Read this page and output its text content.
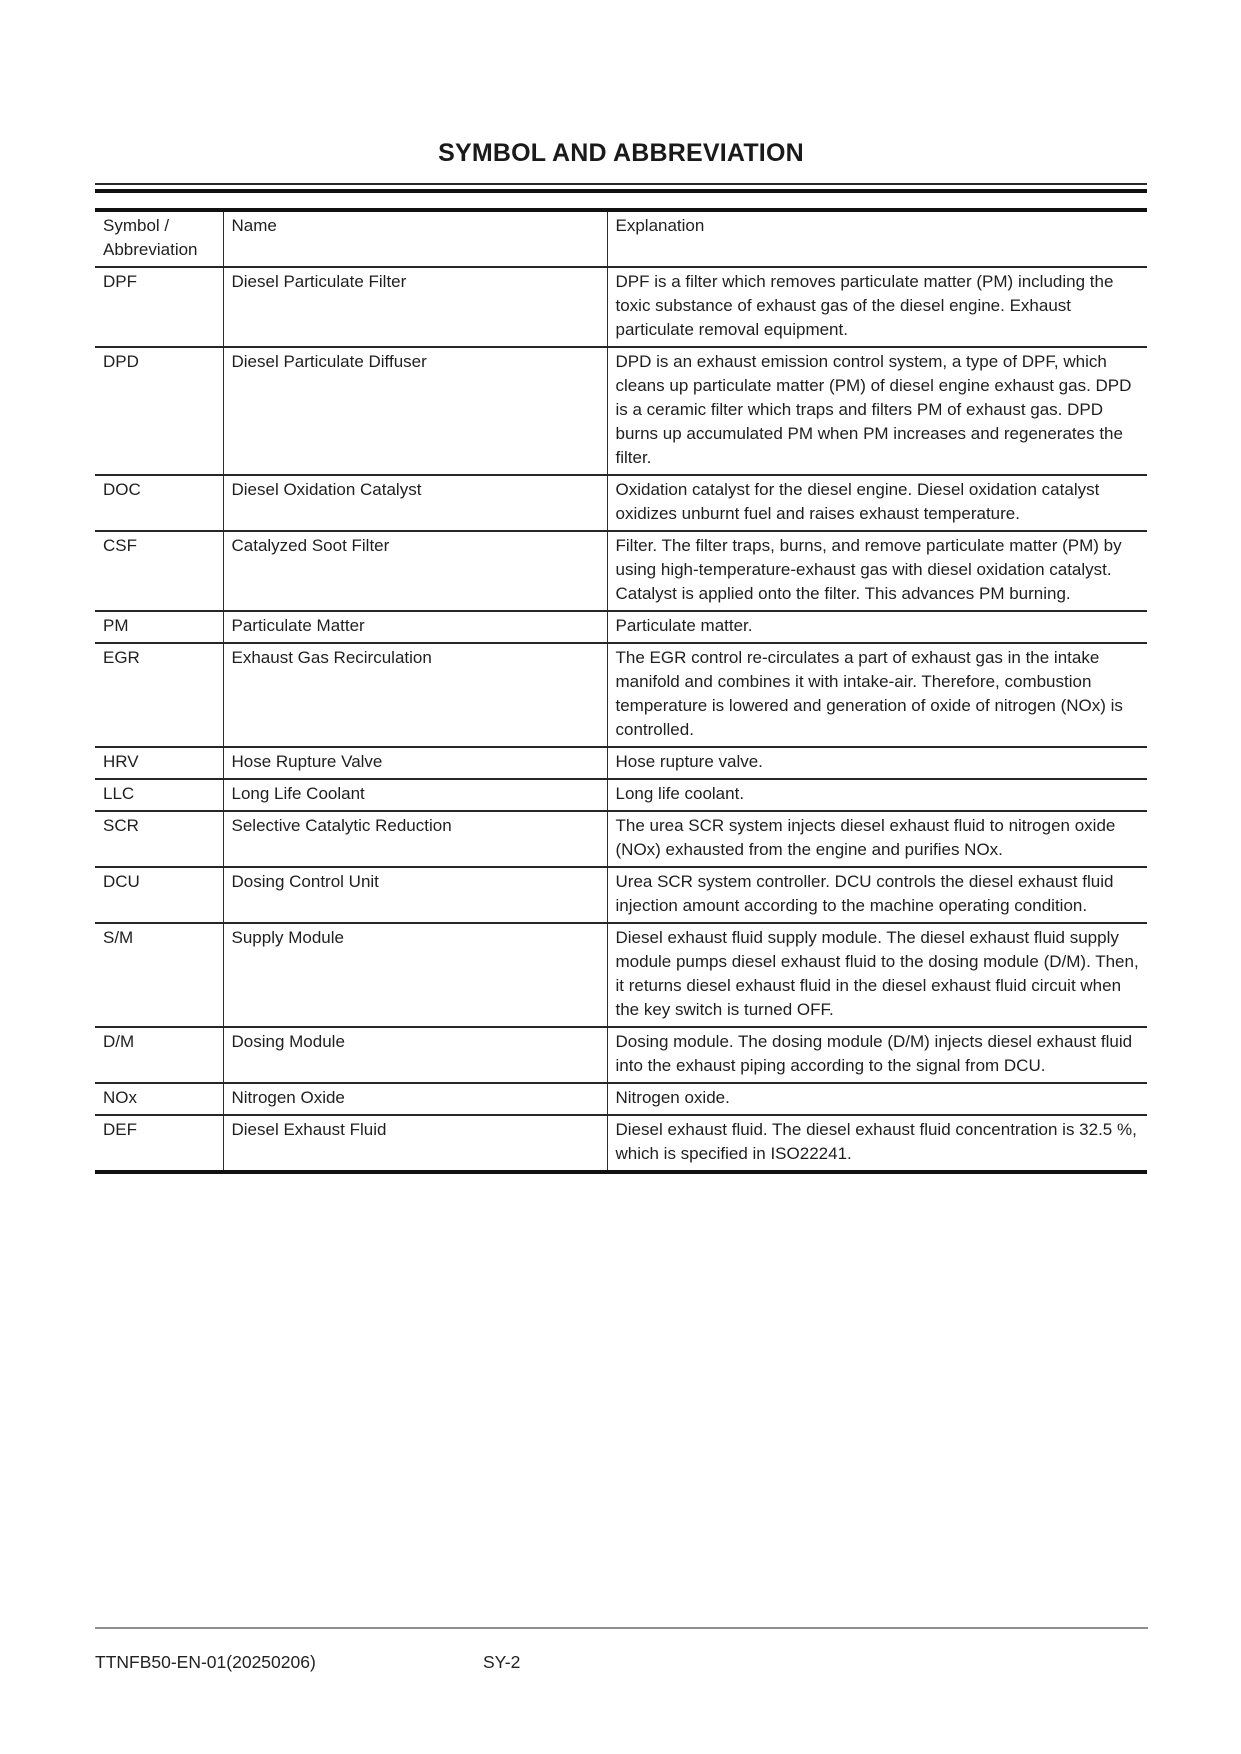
SYMBOL AND ABBREVIATION
Symbol /
Abbreviation	Name	Explanation
DPF	Diesel Particulate Filter	DPF is a filter which removes particulate matter (PM) including the toxic substance of exhaust gas of the diesel engine. Exhaust particulate removal equipment.
DPD	Diesel Particulate Diffuser	DPD is an exhaust emission control system, a type of DPF, which cleans up particulate matter (PM) of diesel engine exhaust gas. DPD is a ceramic filter which traps and filters PM of exhaust gas. DPD burns up accumulated PM when PM increases and regenerates the filter.
DOC	Diesel Oxidation Catalyst	Oxidation catalyst for the diesel engine. Diesel oxidation catalyst oxidizes unburnt fuel and raises exhaust temperature.
CSF	Catalyzed Soot Filter	Filter. The filter traps, burns, and remove particulate matter (PM) by using high-temperature-exhaust gas with diesel oxidation catalyst. Catalyst is applied onto the filter. This advances PM burning.
PM	Particulate Matter	Particulate matter.
EGR	Exhaust Gas Recirculation	The EGR control re-circulates a part of exhaust gas in the intake manifold and combines it with intake-air. Therefore, combustion temperature is lowered and generation of oxide of nitrogen (NOx) is controlled.
HRV	Hose Rupture Valve	Hose rupture valve.
LLC	Long Life Coolant	Long life coolant.
SCR	Selective Catalytic Reduction	The urea SCR system injects diesel exhaust fluid to nitrogen oxide (NOx) exhausted from the engine and purifies NOx.
DCU	Dosing Control Unit	Urea SCR system controller. DCU controls the diesel exhaust fluid injection amount according to the machine operating condition.
S/M	Supply Module	Diesel exhaust fluid supply module. The diesel exhaust fluid supply module pumps diesel exhaust fluid to the dosing module (D/M). Then, it returns diesel exhaust fluid in the diesel exhaust fluid circuit when the key switch is turned OFF.
D/M	Dosing Module	Dosing module. The dosing module (D/M) injects diesel exhaust fluid into the exhaust piping according to the signal from DCU.
NOx	Nitrogen Oxide	Nitrogen oxide.
DEF	Diesel Exhaust Fluid	Diesel exhaust fluid. The diesel exhaust fluid concentration is 32.5 %, which is specified in ISO22241.
TTNFB50-EN-01(20250206)	SY-2
